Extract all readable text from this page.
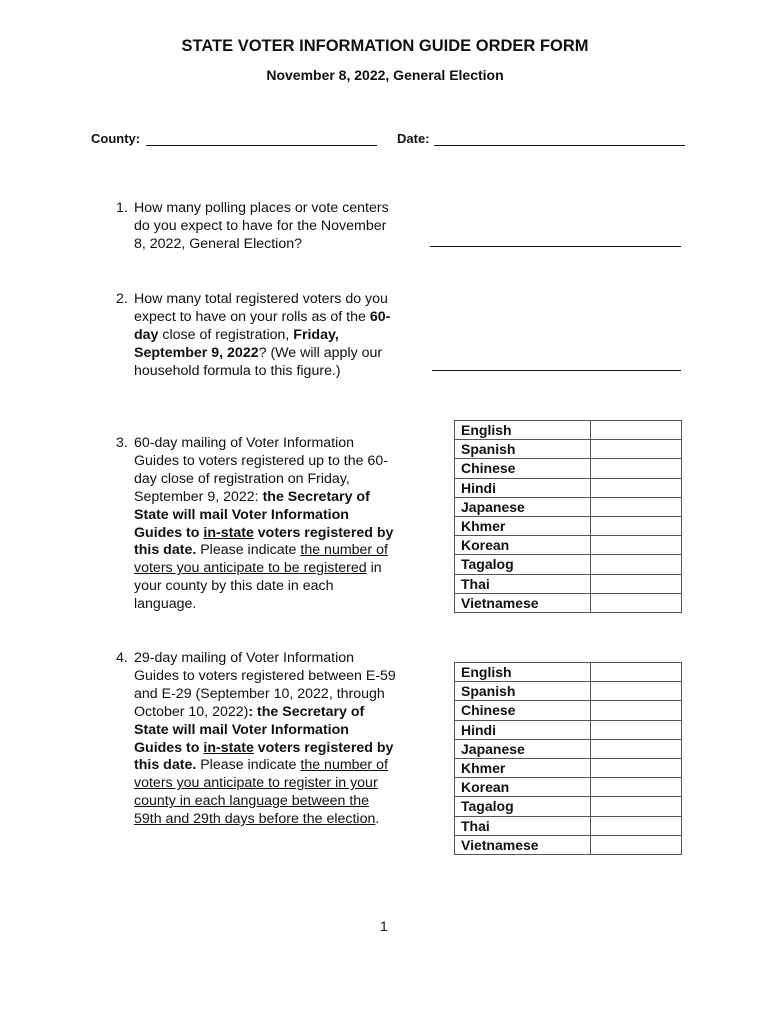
STATE VOTER INFORMATION GUIDE ORDER FORM
November 8, 2022, General Election
County:	Date:
1. How many polling places or vote centers do you expect to have for the November 8, 2022, General Election?

2. How many total registered voters do you expect to have on your rolls as of the 60-day close of registration, Friday, September 9, 2022? (We will apply our household formula to this figure.)

3. 60-day mailing of Voter Information Guides to voters registered up to the 60-day close of registration on Friday, September 9, 2022: the Secretary of State will mail Voter Information Guides to in-state voters registered by this date. Please indicate the number of voters you anticipate to be registered in your county by this date in each language.

English	
Spanish	
Chinese	
Hindi	
Japanese	
Khmer	
Korean	
Tagalog	
Thai	
Vietnamese	
4. 29-day mailing of Voter Information Guides to voters registered between E-59 and E-29 (September 10, 2022, through October 10, 2022): the Secretary of State will mail Voter Information Guides to in-state voters registered by this date. Please indicate the number of voters you anticipate to register in your county in each language between the 59th and 29th days before the election.

English	
Spanish	
Chinese	
Hindi	
Japanese	
Khmer	
Korean	
Tagalog	
Thai	
Vietnamese	
1
